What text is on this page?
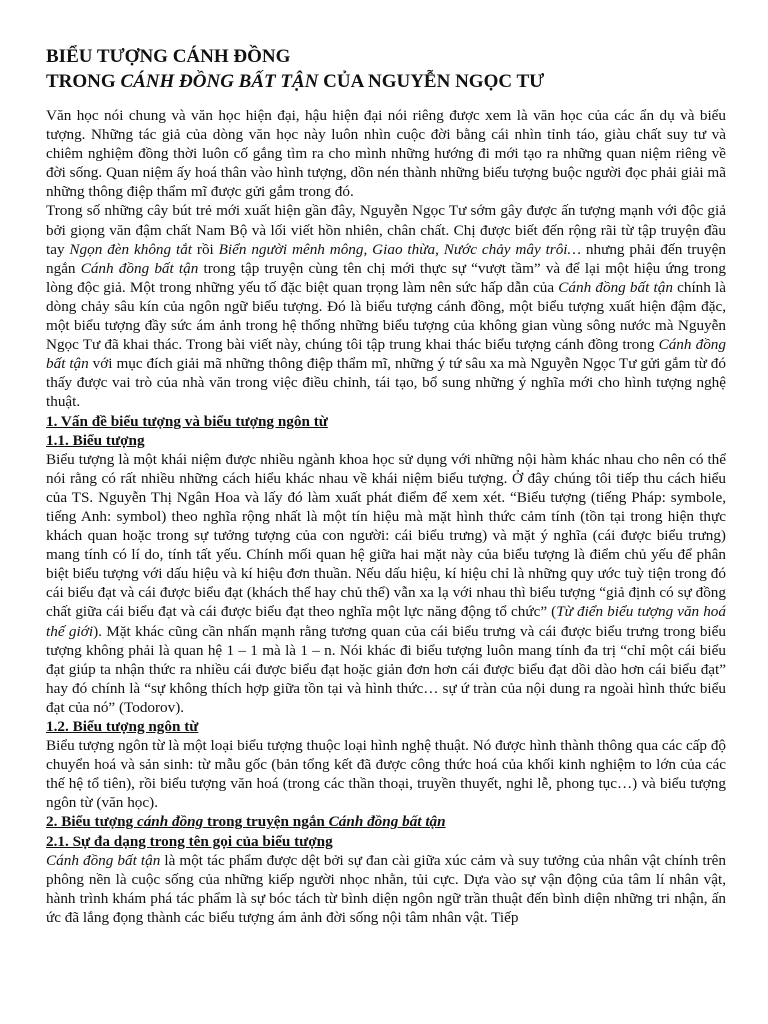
BIỂU TƯỢNG CÁNH ĐỒNG
TRONG CÁNH ĐỒNG BẤT TẬN CỦA NGUYỄN NGỌC TƯ

Văn học nói chung và văn học hiện đại, hậu hiện đại nói riêng được xem là văn học của các ẩn dụ và biểu tượng. Những tác giả của dòng văn học này luôn nhìn cuộc đời bằng cái nhìn tỉnh táo, giàu chất suy tư và chiêm nghiệm đồng thời luôn cố gắng tìm ra cho mình những hướng đi mới tạo ra những quan niệm riêng về đời sống. Quan niệm ấy hoá thân vào hình tượng, dồn nén thành những biểu tượng buộc người đọc phải giải mã những thông điệp thẩm mĩ được gửi gắm trong đó.

Trong số những cây bút trẻ mới xuất hiện gần đây, Nguyễn Ngọc Tư sớm gây được ấn tượng mạnh với độc giả bởi giọng văn đậm chất Nam Bộ và lối viết hồn nhiên, chân chất. Chị được biết đến rộng rãi từ tập truyện đầu tay Ngọn đèn không tắt rồi Biển người mênh mông, Giao thừa, Nước chảy mây trôi… nhưng phải đến truyện ngắn Cánh đồng bất tận trong tập truyện cùng tên chị mới thực sự “vượt tầm” và để lại một hiệu ứng trong lòng độc giả. Một trong những yếu tố đặc biệt quan trọng làm nên sức hấp dẫn của Cánh đồng bất tận chính là dòng chảy sâu kín của ngôn ngữ biểu tượng. Đó là biểu tượng cánh đồng, một biểu tượng xuất hiện đậm đặc, một biểu tượng đầy sức ám ảnh trong hệ thống những biểu tượng của không gian vùng sông nước mà Nguyễn Ngọc Tư đã khai thác. Trong bài viết này, chúng tôi tập trung khai thác biểu tượng cánh đồng trong Cánh đồng bất tận với mục đích giải mã những thông điệp thẩm mĩ, những ý tứ sâu xa mà Nguyễn Ngọc Tư gửi gắm từ đó thấy được vai trò của nhà văn trong việc điều chỉnh, tái tạo, bổ sung những ý nghĩa mới cho hình tượng nghệ thuật.

1. Vấn đề biểu tượng và biểu tượng ngôn từ
1.1. Biểu tượng

Biểu tượng là một khái niệm được nhiều ngành khoa học sử dụng với những nội hàm khác nhau cho nên có thể nói rằng có rất nhiều những cách hiểu khác nhau về khái niệm biểu tượng. Ở đây chúng tôi tiếp thu cách hiểu của TS. Nguyễn Thị Ngân Hoa và lấy đó làm xuất phát điểm để xem xét. “Biểu tượng (tiếng Pháp: symbole, tiếng Anh: symbol) theo nghĩa rộng nhất là một tín hiệu mà mặt hình thức cảm tính (tồn tại trong hiện thực khách quan hoặc trong sự tưởng tượng của con người: cái biểu trưng) và mặt ý nghĩa (cái được biểu trưng) mang tính có lí do, tính tất yếu. Chính mối quan hệ giữa hai mặt này của biểu tượng là điểm chủ yếu để phân biệt biểu tượng với dấu hiệu và kí hiệu đơn thuần. Nếu dấu hiệu, kí hiệu chỉ là những quy ước tuỳ tiện trong đó cái biểu đạt và cái được biểu đạt (khách thể hay chủ thể) vẫn xa lạ với nhau thì biểu tượng “giả định có sự đồng chất giữa cái biểu đạt và cái được biểu đạt theo nghĩa một lực năng động tổ chức” (Từ điển biểu tượng văn hoá thế giới). Mặt khác cũng cần nhấn mạnh rằng tương quan của cái biểu trưng và cái được biểu trưng trong biểu tượng không phải là quan hệ 1 – 1 mà là 1 – n. Nói khác đi biểu tượng luôn mang tính đa trị “chỉ một cái biểu đạt giúp ta nhận thức ra nhiều cái được biểu đạt hoặc giản đơn hơn cái được biểu đạt dồi dào hơn cái biểu đạt” hay đó chính là “sự không thích hợp giữa tồn tại và hình thức… sự ứ tràn của nội dung ra ngoài hình thức biểu đạt của nó” (Todorov).

1.2. Biểu tượng ngôn từ

Biểu tượng ngôn từ là một loại biểu tượng thuộc loại hình nghệ thuật. Nó được hình thành thông qua các cấp độ chuyển hoá và sản sinh: từ mẫu gốc (bản tổng kết đã được công thức hoá của khối kinh nghiệm to lớn của các thế hệ tổ tiên), rồi biểu tượng văn hoá (trong các thần thoại, truyền thuyết, nghi lễ, phong tục…) và biểu tượng ngôn từ (văn học).

2. Biểu tượng cánh đồng trong truyện ngắn Cánh đồng bất tận
2.1. Sự đa dạng trong tên gọi của biểu tượng

Cánh đồng bất tận là một tác phẩm được dệt bởi sự đan cài giữa xúc cảm và suy tưởng của nhân vật chính trên phông nền là cuộc sống của những kiếp người nhọc nhằn, tủi cực. Dựa vào sự vận động của tâm lí nhân vật, hành trình khám phá tác phẩm là sự bóc tách từ bình diện ngôn ngữ trần thuật đến bình diện những tri nhận, ấn ức đã lắng đọng thành các biểu tượng ám ảnh đời sống nội tâm nhân vật. Tiếp
